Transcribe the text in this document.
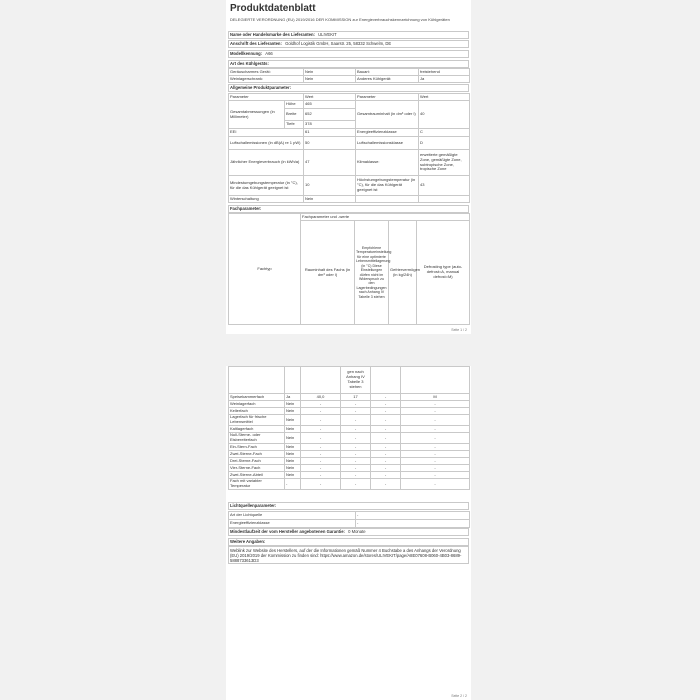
Produktdatenblatt
DELEGIERTE VERORDNUNG (EU) 2019/2016 DER KOMMISSION zur Energieverbrauchskennzeichnung von Kühlgeräten
Name oder Handelsmarke des Lieferanten: ULIVEKIT
Anschrift des Lieferanten: Goldhof Logistik GmbH, Saarstr. 25, 58332 Schwelm, DE
Modellkennung: A66
Art des Kühlgeräts:
Geräuscharmes Gerät:	Nein	Bauart:	freistehend
Weinlagerschrank:	Nein	Anderes Kühlgerät:	Ja
Allgemeine Produktparameter:
Parameter		Wert	Parameter	Wert
Gesamtabmessungen (in Millimeter)	Höhe	465	Gesamtrauminhalt (in dm³ oder l)	40
	Breite	652		
	Tiefe	378		
EEI		61	Energieeffizienzklasse	C
Luftschallemissionen (in dB(A) re 1 pW)		50	Luftschallemissionsklasse	D
Jährlicher Energieverbrauch (in kWh/a)		47	Klimaklasse:	erweiterte gemäßigte Zone, gemäßigte Zone, subtropische Zone, tropische Zone
Mindestumgebungstemperatur (in °C), für die das Kühlgerät geeignet ist		10	Höchstumgebungstemperatur (in °C), für die das Kühlgerät geeignet ist	43
Winterschaltung		Nein		
Fachparameter:
Fachtyp	Fachparameter und -werte			
	Rauminhalt des Fachs (in dm³ oder l)	Empfohlene Temperatureinstellung für eine optimierte Lebensmittellagerung (in °C) Diese Einstellungen dürfen nicht im Widerspruch zu den Lagerbedingungen nach Anhang IV Tabelle 3 stehen	Gefriervermögen (in kg/24h)	Defrosting type (auto-defrost=A, manual defrost=M)
Seite 1 / 2
			gen nach Anhang IV Tabelle 3 stehen		
Speisekammerfach	Ja	40,0	17	-	M
Weinlagerfach	Nein	-	-	-	-
Kellerfach	Nein	-	-	-	-
Lagerfach für frische Lebensmittel	Nein	-	-	-	-
Kaltlagerfach	Nein	-	-	-	-
Null-Sterne- oder Eisbereiterfach	Nein	-	-	-	-
Ein-Stern-Fach	Nein	-	-	-	-
Zwei-Sterne-Fach	Nein	-	-	-	-
Drei-Sterne-Fach	Nein	-	-	-	-
Vier-Sterne-Fach	Nein	-	-	-	-
Zwei-Sterne-Abteil	Nein	-	-	-	-
Fach mit variabler Temperatur	-	-	-	-	-
Lichtquellenparameter:
Art der Lichtquelle	-
Energieeffizienzklasse	-
Mindestlaufzeit der vom Hersteller angebotenen Garantie: 0 Monate
Weitere Angaben:
Weblink zur Website des Herstellers, auf der die Informationen gemäß Nummer 4 Buchstabe a des Anhangs der Verordnung (EU) 2019/2019 der Kommission zu finden sind: https://www.amazon.de/stores/ULIVEKIT/page/A8E07608-B060-4B03-8689-5888733613D3
Seite 2 / 2
